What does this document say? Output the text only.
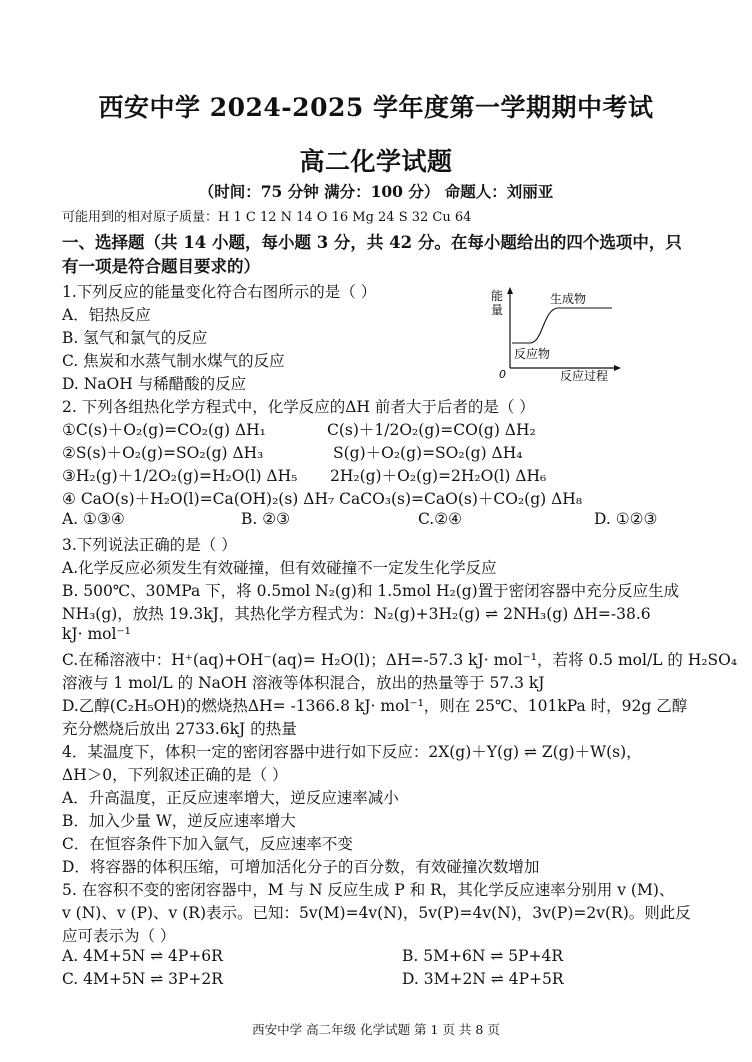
西安中学 2024-2025 学年度第一学期期中考试
高二化学试题
（时间：75 分钟 满分：100 分） 命题人：刘丽亚
可能用到的相对原子质量：H 1 C 12 N 14 O 16 Mg 24 S 32 Cu 64
一、选择题（共 14 小题，每小题 3 分，共 42 分。在每小题给出的四个选项中，只
有一项是符合题目要求的）
1.下列反应的能量变化符合右图所示的是（ ）
A．铝热反应
B. 氢气和氯气的反应
C. 焦炭和水蒸气制水煤气的反应
D. NaOH 与稀醋酸的反应
能
量
0	反应过程
生成物
反应物
2. 下列各组热化学方程式中，化学反应的ΔH 前者大于后者的是（ ）
①C(s)＋O₂(g)=CO₂(g) ΔH₁	C(s)＋1/2O₂(g)=CO(g) ΔH₂
②S(s)＋O₂(g)=SO₂(g) ΔH₃	S(g)＋O₂(g)=SO₂(g) ΔH₄
③H₂(g)＋1/2O₂(g)=H₂O(l) ΔH₅ 2H₂(g)＋O₂(g)=2H₂O(l) ΔH₆
④ CaO(s)＋H₂O(l)=Ca(OH)₂(s) ΔH₇ CaCO₃(s)=CaO(s)＋CO₂(g) ΔH₈
A. ①③④	B. ②③	C.②④	D. ①②③
3.下列说法正确的是（ ）
A.化学反应必须发生有效碰撞，但有效碰撞不一定发生化学反应
B. 500℃、30MPa 下，将 0.5mol N₂(g)和 1.5mol H₂(g)置于密闭容器中充分反应生成
NH₃(g)，放热 19.3kJ，其热化学方程式为：N₂(g)+3H₂(g) ⇌ 2NH₃(g) ΔH=-38.6
kJ· mol⁻¹
C.在稀溶液中：H⁺(aq)+OH⁻(aq)= H₂O(l)；ΔH=-57.3 kJ· mol⁻¹，若将 0.5 mol/L 的 H₂SO₄
溶液与 1 mol/L 的 NaOH 溶液等体积混合，放出的热量等于 57.3 kJ
D.乙醇(C₂H₅OH)的燃烧热ΔH= -1366.8 kJ· mol⁻¹，则在 25℃、101kPa 时，92g 乙醇
充分燃烧后放出 2733.6kJ 的热量
4．某温度下，体积一定的密闭容器中进行如下反应：2X(g)＋Y(g) ⇌ Z(g)＋W(s)，
ΔH＞0，下列叙述正确的是（ ）
A．升高温度，正反应速率增大，逆反应速率减小
B．加入少量 W，逆反应速率增大
C．在恒容条件下加入氩气，反应速率不变
D．将容器的体积压缩，可增加活化分子的百分数，有效碰撞次数增加
5. 在容积不变的密闭容器中，M 与 N 反应生成 P 和 R，其化学反应速率分别用 v (M)、
v (N)、v (P)、v (R)表示。已知：5v(M)=4v(N)，5v(P)=4v(N)，3v(P)=2v(R)。则此反
应可表示为（ ）
A. 4M+5N ⇌ 4P+6R	B. 5M+6N ⇌ 5P+4R
C. 4M+5N ⇌ 3P+2R	D. 3M+2N ⇌ 4P+5R
西安中学 高二年级 化学试题 第 1 页 共 8 页
